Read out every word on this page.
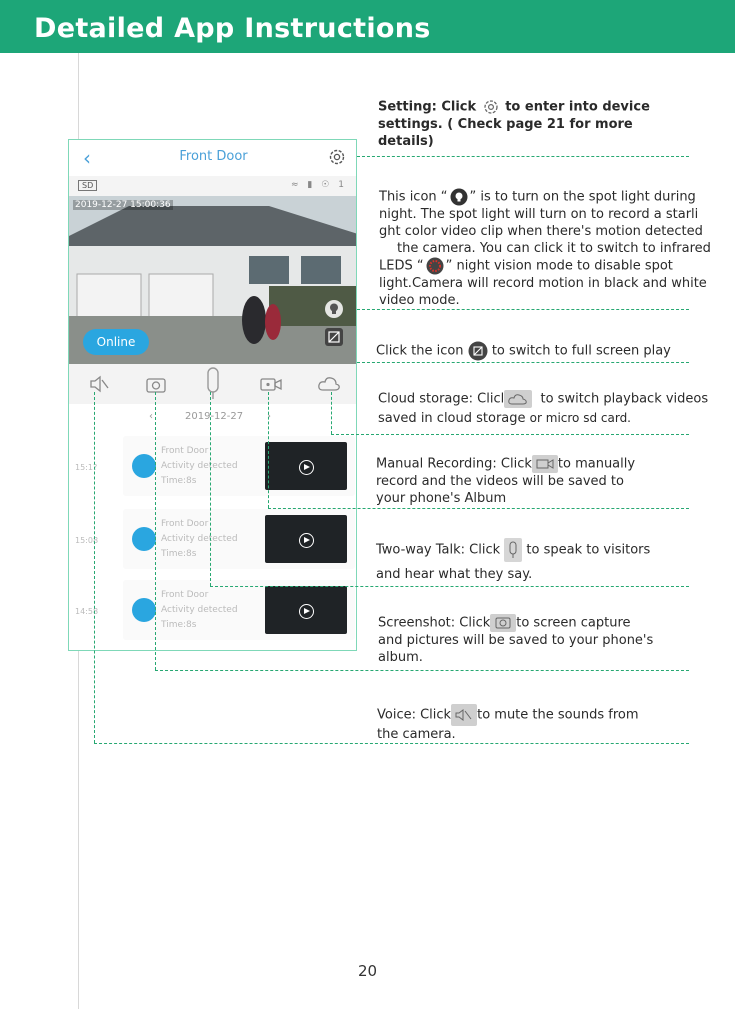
Detailed App Instructions
‹	Front Door
SD	≈ ▮ ☉ 1
2019-12-27 15:00:36
Online
‹	2019-12-27 ›
15:1?
Front Door
Activity detected
Time:8s
15:08
Front Door
Activity detected
Time:8s
14:58
Front Door
Activity detected
Time:8s
Setting: Click to enter into device
settings. ( Check page 21 for more
details)
This icon “ ” is to turn on the spot light during
night. The spot light will turn on to record a starli
ght color video clip when there's motion detected
the camera. You can click it to switch to infrared
LEDS “ ” night vision mode to disable spot
light.Camera will record motion in black and white
video mode.
Click the icon to switch to full screen play
Cloud storage: Clicl	to switch playback videos
saved in cloud storage or micro sd card.
Manual Recording: Click to manually
record and the videos will be saved to
your phone's Album
Two-way Talk: Click to speak to visitors
and hear what they say.
Screenshot: Click to screen capture
and pictures will be saved to your phone's
album.
Voice: Click to mute the sounds from
the camera.
20
